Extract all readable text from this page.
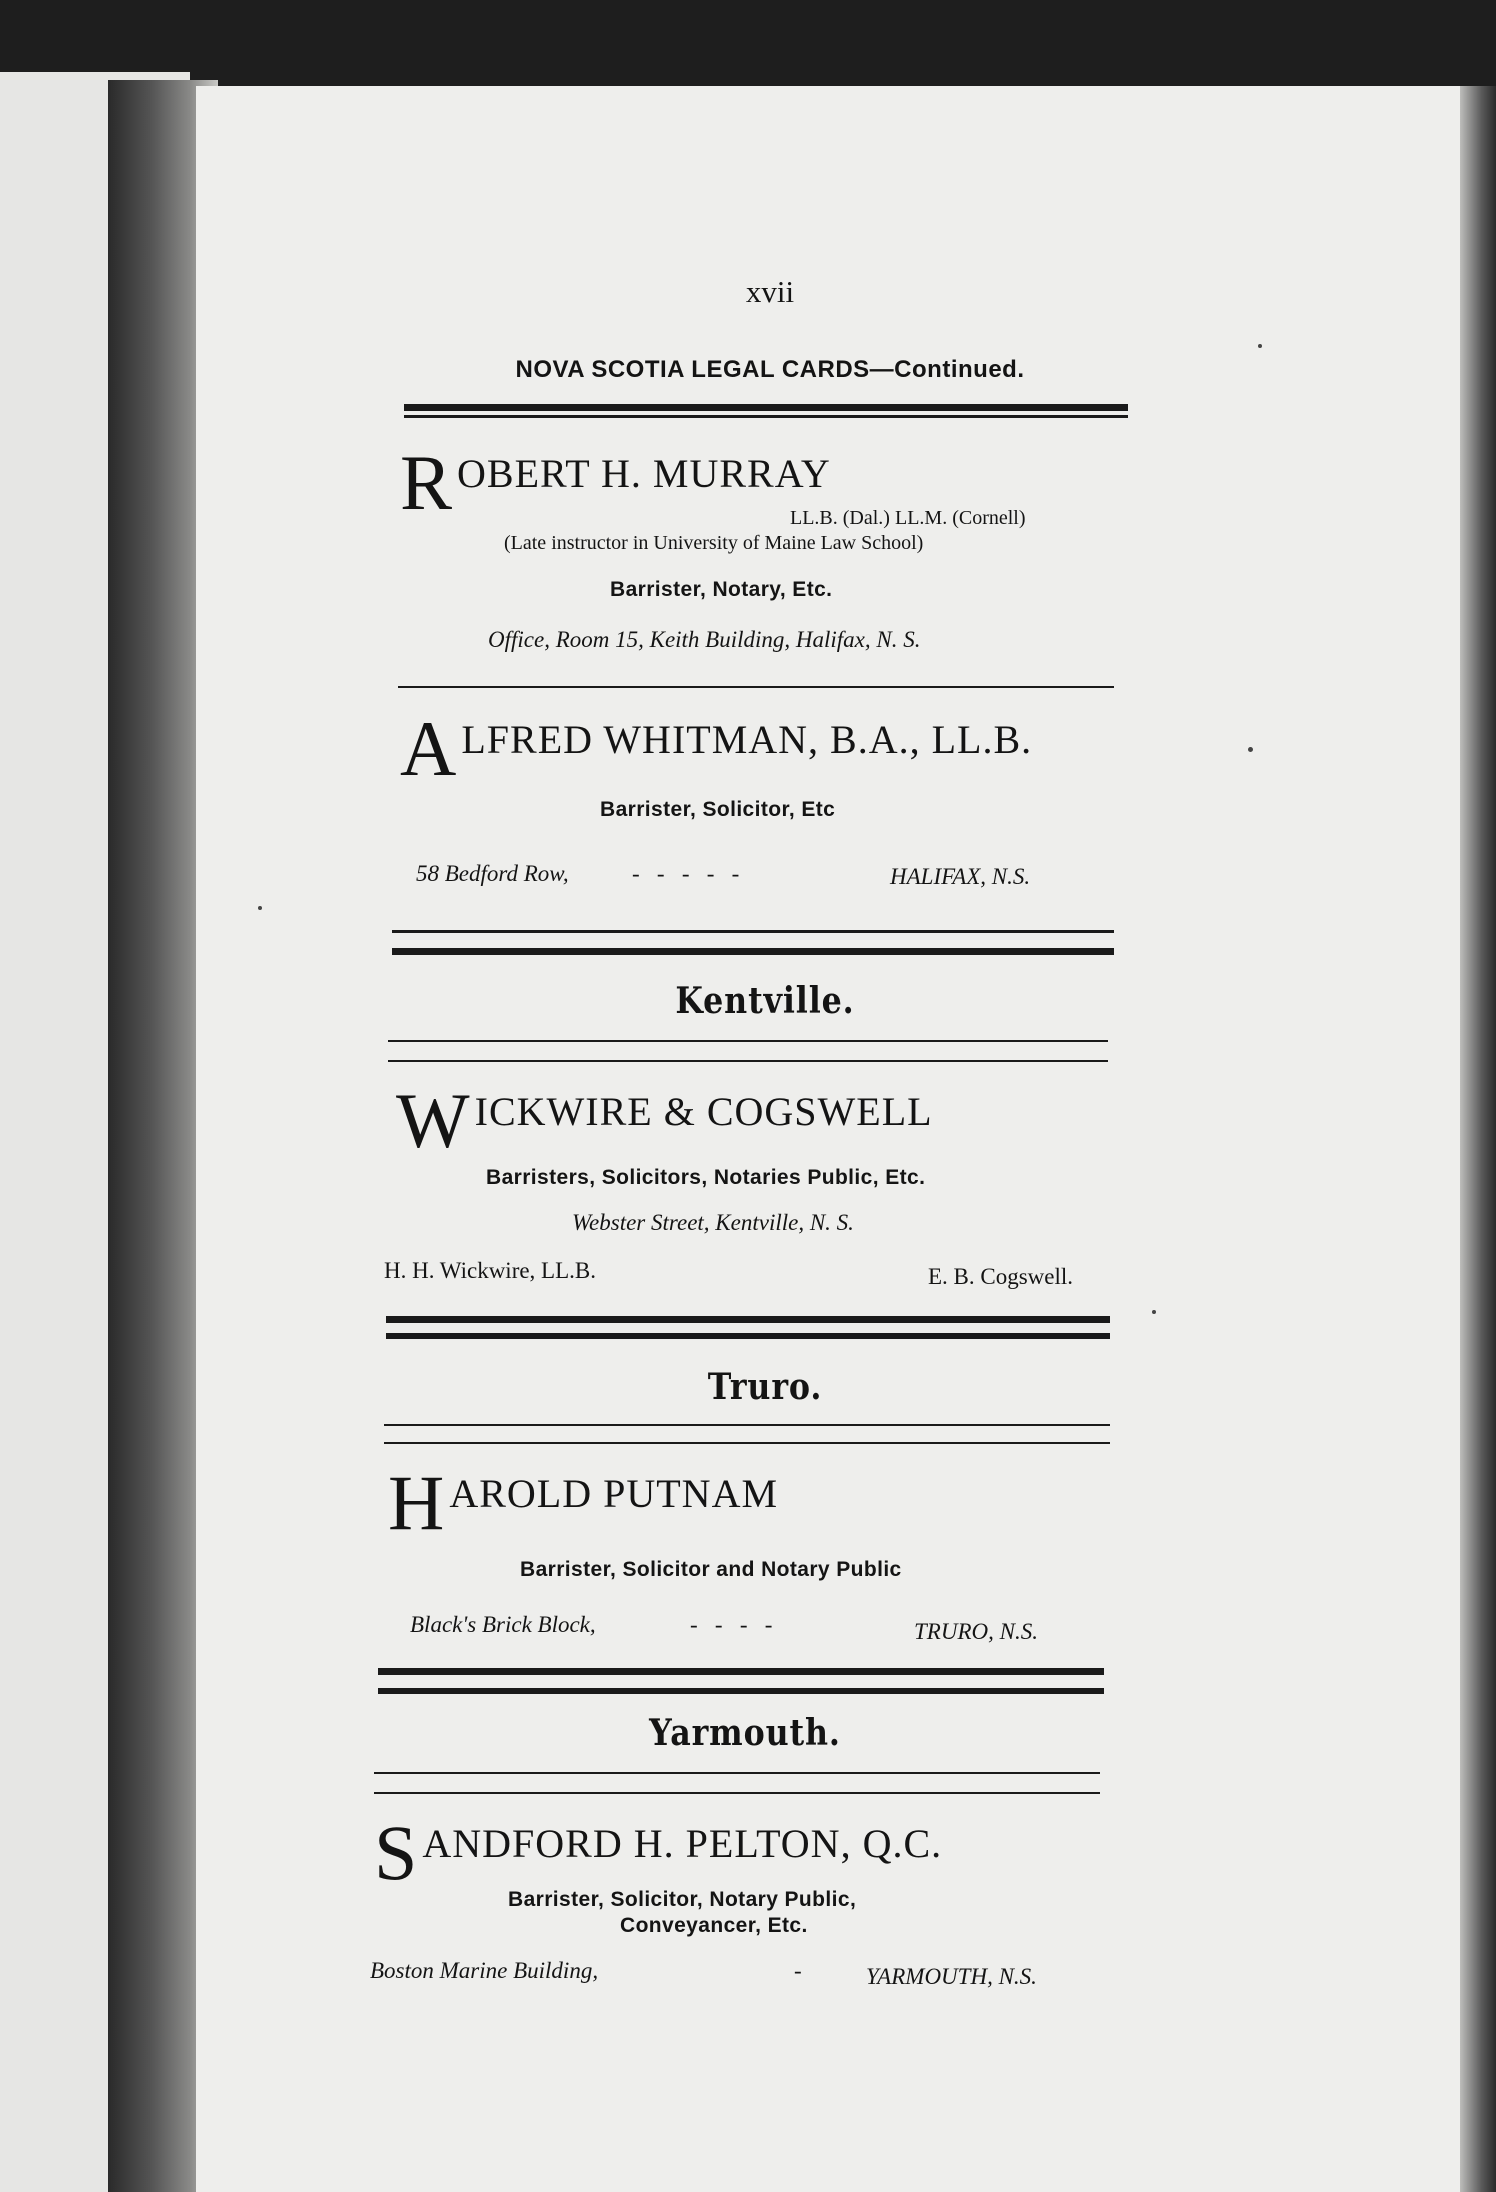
xvii
NOVA SCOTIA LEGAL CARDS—Continued.
ROBERT H. MURRAY
LL.B. (Dal.) LL.M. (Cornell)
(Late instructor in University of Maine Law School)
Barrister, Notary, Etc.
Office, Room 15, Keith Building, Halifax, N. S.
ALFRED WHITMAN, B.A., LL.B.
Barrister, Solicitor, Etc
58 Bedford Row,	-   -   -   -   -	HALIFAX, N.S.
Kentville.
WICKWIRE & COGSWELL
Barristers, Solicitors, Notaries Public, Etc.
Webster Street, Kentville, N. S.
H. H. Wickwire, LL.B.	E. B. Cogswell.
Truro.
HAROLD PUTNAM
Barrister, Solicitor and Notary Public
Black's Brick Block,	-   -   -   -	TRURO, N.S.
Yarmouth.
SANDFORD H. PELTON, Q.C.
Barrister, Solicitor, Notary Public,
Conveyancer, Etc.
Boston Marine Building,	-	YARMOUTH, N.S.
